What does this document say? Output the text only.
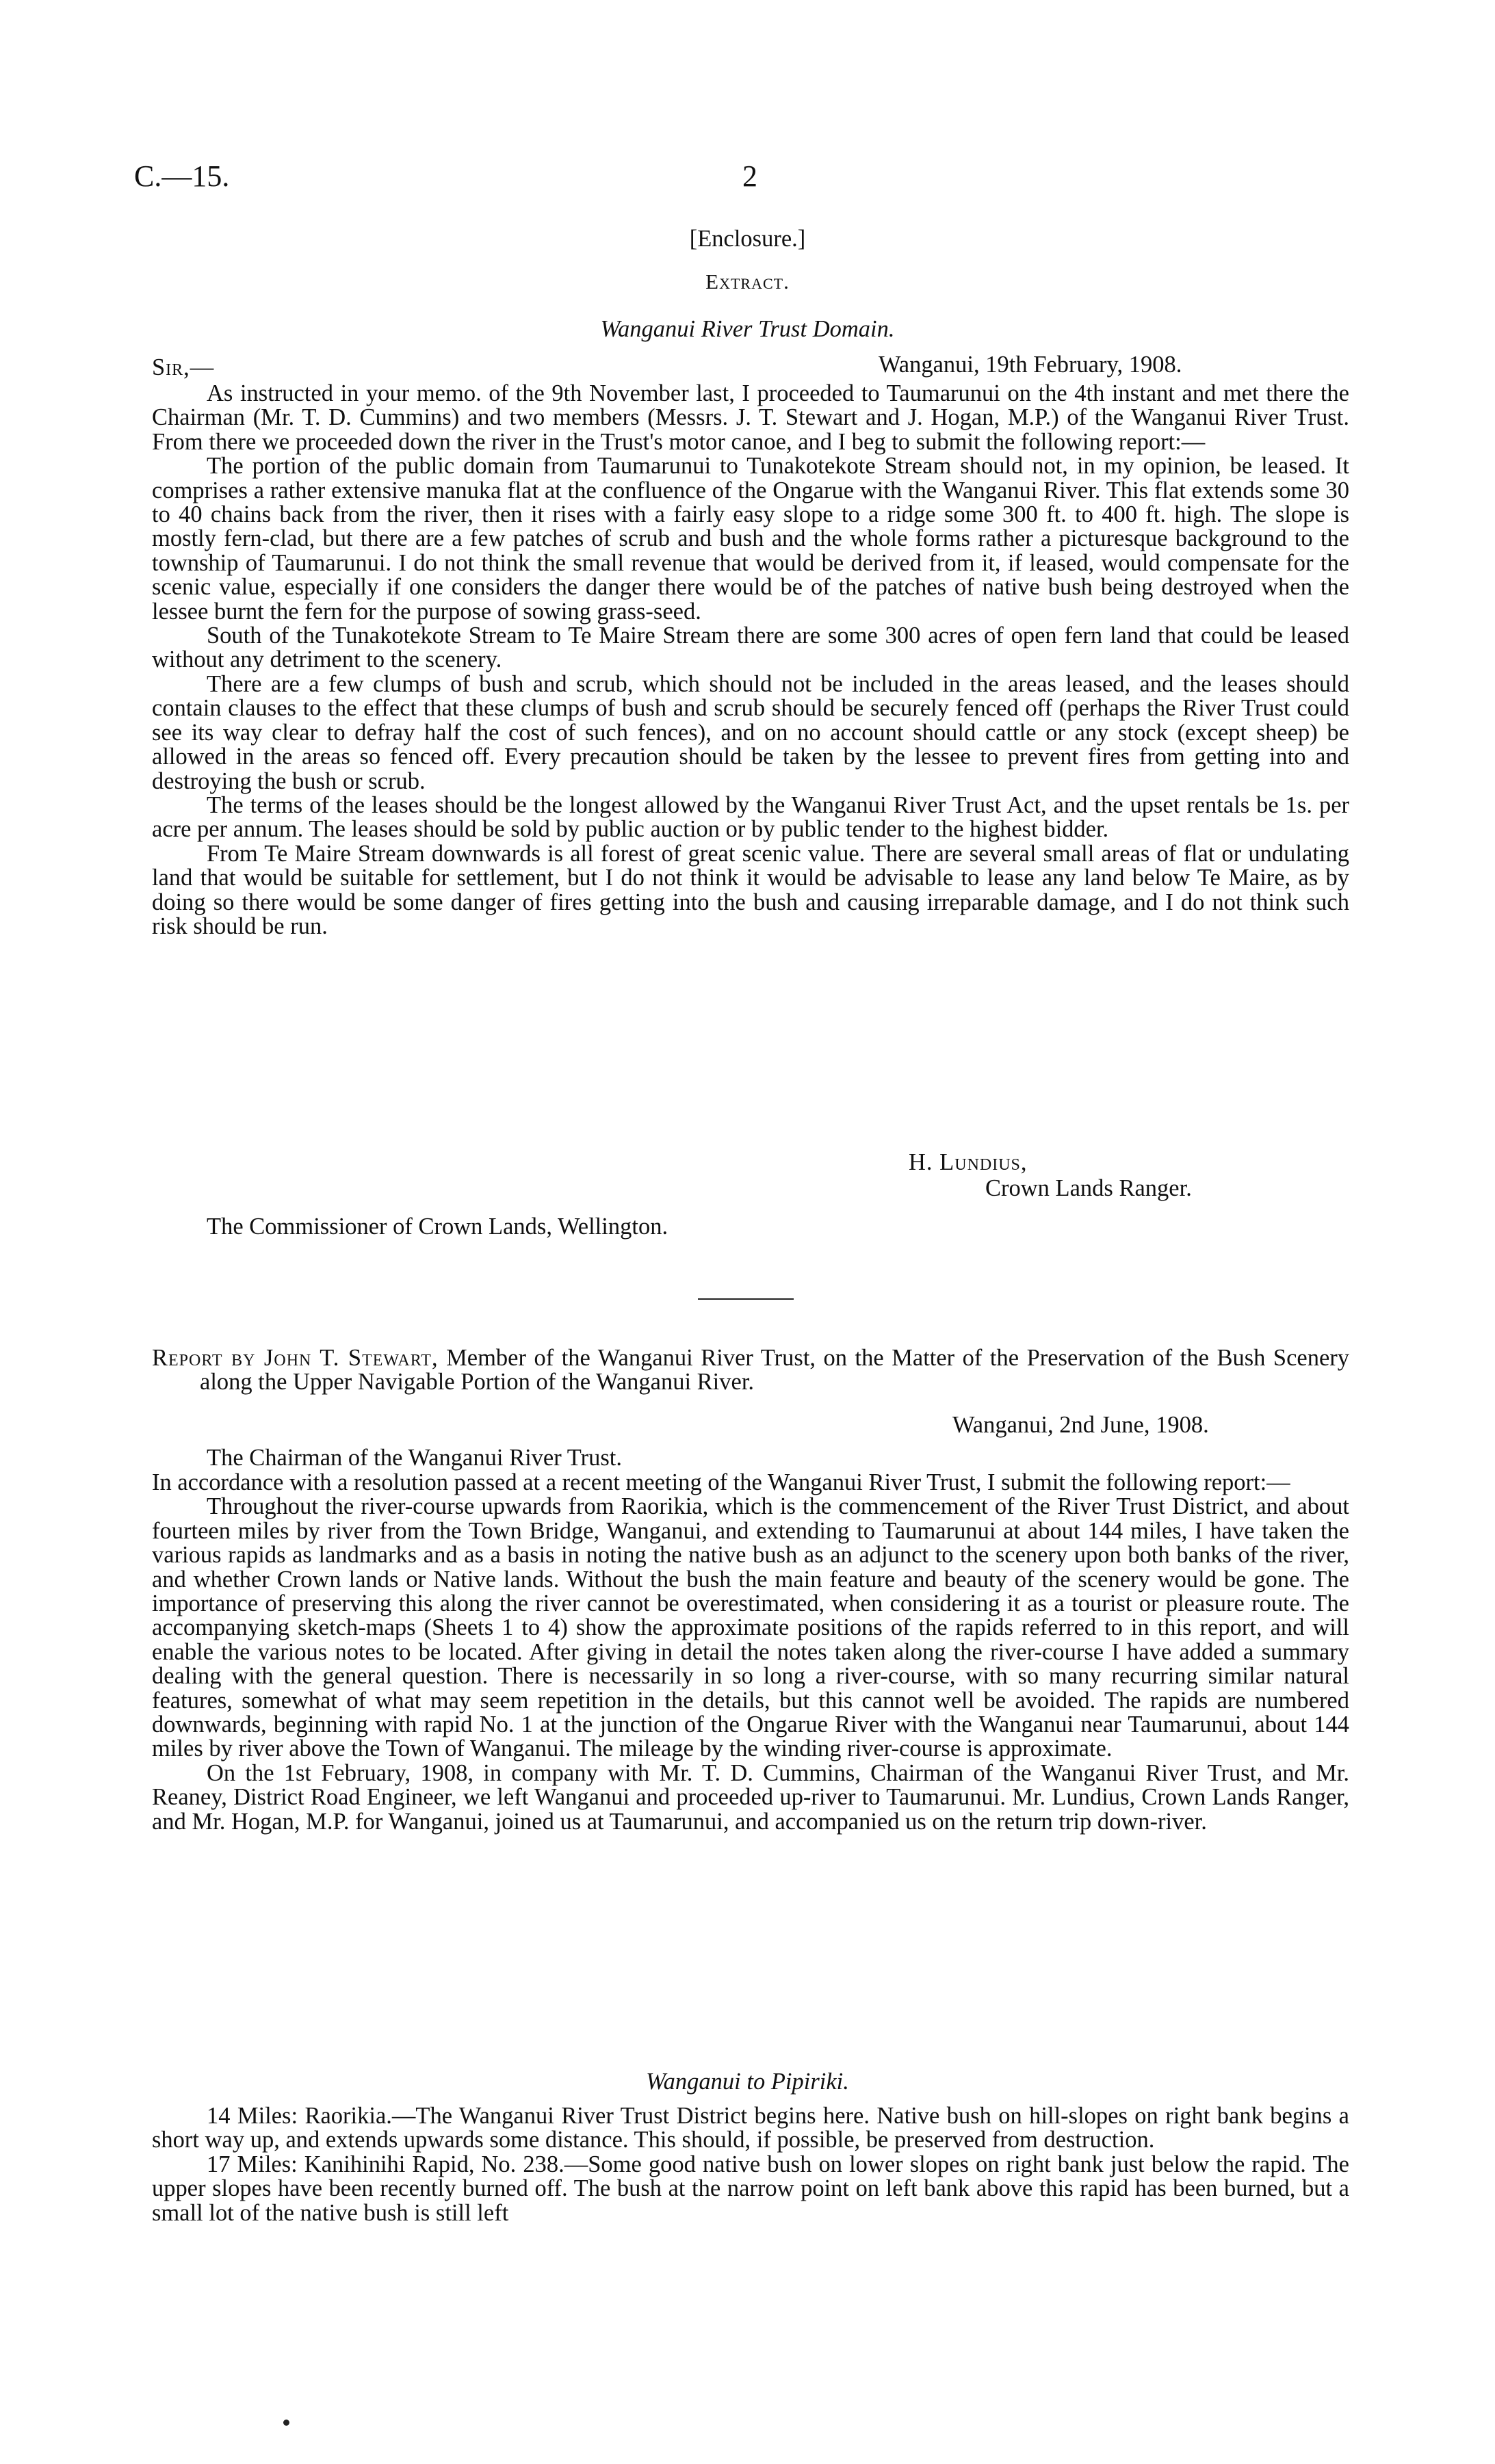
C.—15.	2
[Enclosure.]
Extract.
Wanganui River Trust Domain.
Sir,—	Wanganui, 19th February, 1908.

As instructed in your memo. of the 9th November last, I proceeded to Taumarunui on the 4th instant and met there the Chairman (Mr. T. D. Cummins) and two members (Messrs. J. T. Stewart and J. Hogan, M.P.) of the Wanganui River Trust. From there we proceeded down the river in the Trust's motor canoe, and I beg to submit the following report:—

The portion of the public domain from Taumarunui to Tunakotekote Stream should not, in my opinion, be leased. It comprises a rather extensive manuka flat at the confluence of the Ongarue with the Wanganui River. This flat extends some 30 to 40 chains back from the river, then it rises with a fairly easy slope to a ridge some 300 ft. to 400 ft. high. The slope is mostly fern-clad, but there are a few patches of scrub and bush and the whole forms rather a picturesque background to the township of Taumarunui. I do not think the small revenue that would be derived from it, if leased, would compensate for the scenic value, especially if one considers the danger there would be of the patches of native bush being destroyed when the lessee burnt the fern for the purpose of sowing grass-seed.

South of the Tunakotekote Stream to Te Maire Stream there are some 300 acres of open fern land that could be leased without any detriment to the scenery.

There are a few clumps of bush and scrub, which should not be included in the areas leased, and the leases should contain clauses to the effect that these clumps of bush and scrub should be securely fenced off (perhaps the River Trust could see its way clear to defray half the cost of such fences), and on no account should cattle or any stock (except sheep) be allowed in the areas so fenced off. Every precaution should be taken by the lessee to prevent fires from getting into and destroying the bush or scrub.

The terms of the leases should be the longest allowed by the Wanganui River Trust Act, and the upset rentals be 1s. per acre per annum. The leases should be sold by public auction or by public tender to the highest bidder.

From Te Maire Stream downwards is all forest of great scenic value. There are several small areas of flat or undulating land that would be suitable for settlement, but I do not think it would be advisable to lease any land below Te Maire, as by doing so there would be some danger of fires getting into the bush and causing irreparable damage, and I do not think such risk should be run.

H. Lundius,
Crown Lands Ranger.
The Commissioner of Crown Lands, Wellington.

Report by John T. Stewart, Member of the Wanganui River Trust, on the Matter of the Preservation of the Bush Scenery along the Upper Navigable Portion of the Wanganui River.

Wanganui, 2nd June, 1908.
The Chairman of the Wanganui River Trust.

In accordance with a resolution passed at a recent meeting of the Wanganui River Trust, I submit the following report:—

Throughout the river-course upwards from Raorikia, which is the commencement of the River Trust District, and about fourteen miles by river from the Town Bridge, Wanganui, and extending to Taumarunui at about 144 miles, I have taken the various rapids as landmarks and as a basis in noting the native bush as an adjunct to the scenery upon both banks of the river, and whether Crown lands or Native lands. Without the bush the main feature and beauty of the scenery would be gone. The importance of preserving this along the river cannot be overestimated, when considering it as a tourist or pleasure route. The accompanying sketch-maps (Sheets 1 to 4) show the approximate positions of the rapids referred to in this report, and will enable the various notes to be located. After giving in detail the notes taken along the river-course I have added a summary dealing with the general question. There is necessarily in so long a river-course, with so many recurring similar natural features, somewhat of what may seem repetition in the details, but this cannot well be avoided. The rapids are numbered downwards, beginning with rapid No. 1 at the junction of the Ongarue River with the Wanganui near Taumarunui, about 144 miles by river above the Town of Wanganui. The mileage by the winding river-course is approximate.

On the 1st February, 1908, in company with Mr. T. D. Cummins, Chairman of the Wanganui River Trust, and Mr. Reaney, District Road Engineer, we left Wanganui and proceeded up-river to Taumarunui. Mr. Lundius, Crown Lands Ranger, and Mr. Hogan, M.P. for Wanganui, joined us at Taumarunui, and accompanied us on the return trip down-river.

Wanganui to Pipiriki.

14 Miles: Raorikia.—The Wanganui River Trust District begins here. Native bush on hill-slopes on right bank begins a short way up, and extends upwards some distance. This should, if possible, be preserved from destruction.

17 Miles: Kanihinihi Rapid, No. 238.—Some good native bush on lower slopes on right bank just below the rapid. The upper slopes have been recently burned off. The bush at the narrow point on left bank above this rapid has been burned, but a small lot of the native bush is still left
